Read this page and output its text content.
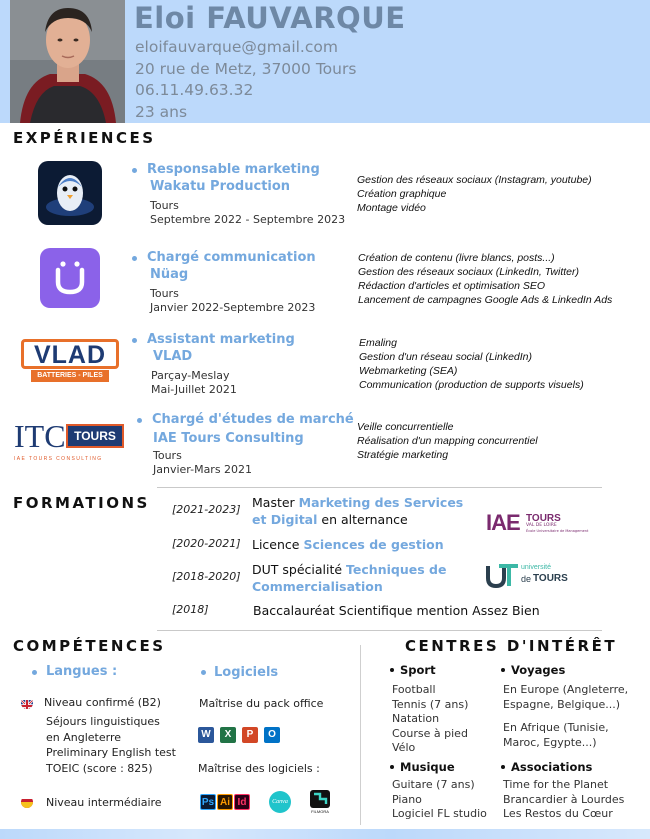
Eloi FAUVARQUE
eloifauvarque@gmail.com
20 rue de Metz, 37000 Tours
06.11.49.63.32
23 ans
EXPÉRIENCES
Responsable marketing
Wakatu Production
Tours
Septembre 2022 - Septembre 2023
Gestion des réseaux sociaux (Instagram, youtube)
Création graphique
Montage vidéo
Chargé communication
Nüag
Tours
Janvier 2022-Septembre 2023
Création de contenu (livre blancs, posts...)
Gestion des réseaux sociaux (LinkedIn, Twitter)
Rédaction d'articles et optimisation SEO
Lancement de campagnes Google Ads & LinkedIn Ads
VLAD
BATTERIES - PILES
Assistant marketing
VLAD
Parçay-Meslay
Mai-Juillet 2021
Emaling
Gestion d'un réseau social (LinkedIn)
Webmarketing (SEA)
Communication (production de supports visuels)
ITC TOURS
IAE TOURS CONSULTING
Chargé d'études de marché
IAE Tours Consulting
Tours
Janvier-Mars 2021
Veille concurrentielle
Réalisation d'un mapping concurrentiel
Stratégie marketing
FORMATIONS [2021-2023] Master Marketing des Services et Digital en alternance
[2020-2021] Licence Sciences de gestion
[2018-2020] DUT spécialité Techniques de Commercialisation
[2018]	Baccalauréat Scientifique mention Assez Bien
IAE TOURS
VAL DE LOIRE
École Universitaire de Management
université
de TOURS
COMPÉTENCES
Langues :
Niveau confirmé (B2)
Séjours linguistiques
en Angleterre
Preliminary English test
TOEIC (score : 825)
Niveau intermédiaire
Logiciels
Maîtrise du pack office
W	X	P	O
Maîtrise des logiciels :
Ps Ai Id	Canva
FILMORA
CENTRES D'INTÉRÊT
Sport
Football
Tennis (7 ans)
Natation
Course à pied
Vélo
Voyages
En Europe (Angleterre,
Espagne, Belgique...)
En Afrique (Tunisie,
Maroc, Egypte...)
Musique
Guitare (7 ans)
Piano
Logiciel FL studio
Associations
Time for the Planet
Brancardier à Lourdes
Les Restos du Cœur
